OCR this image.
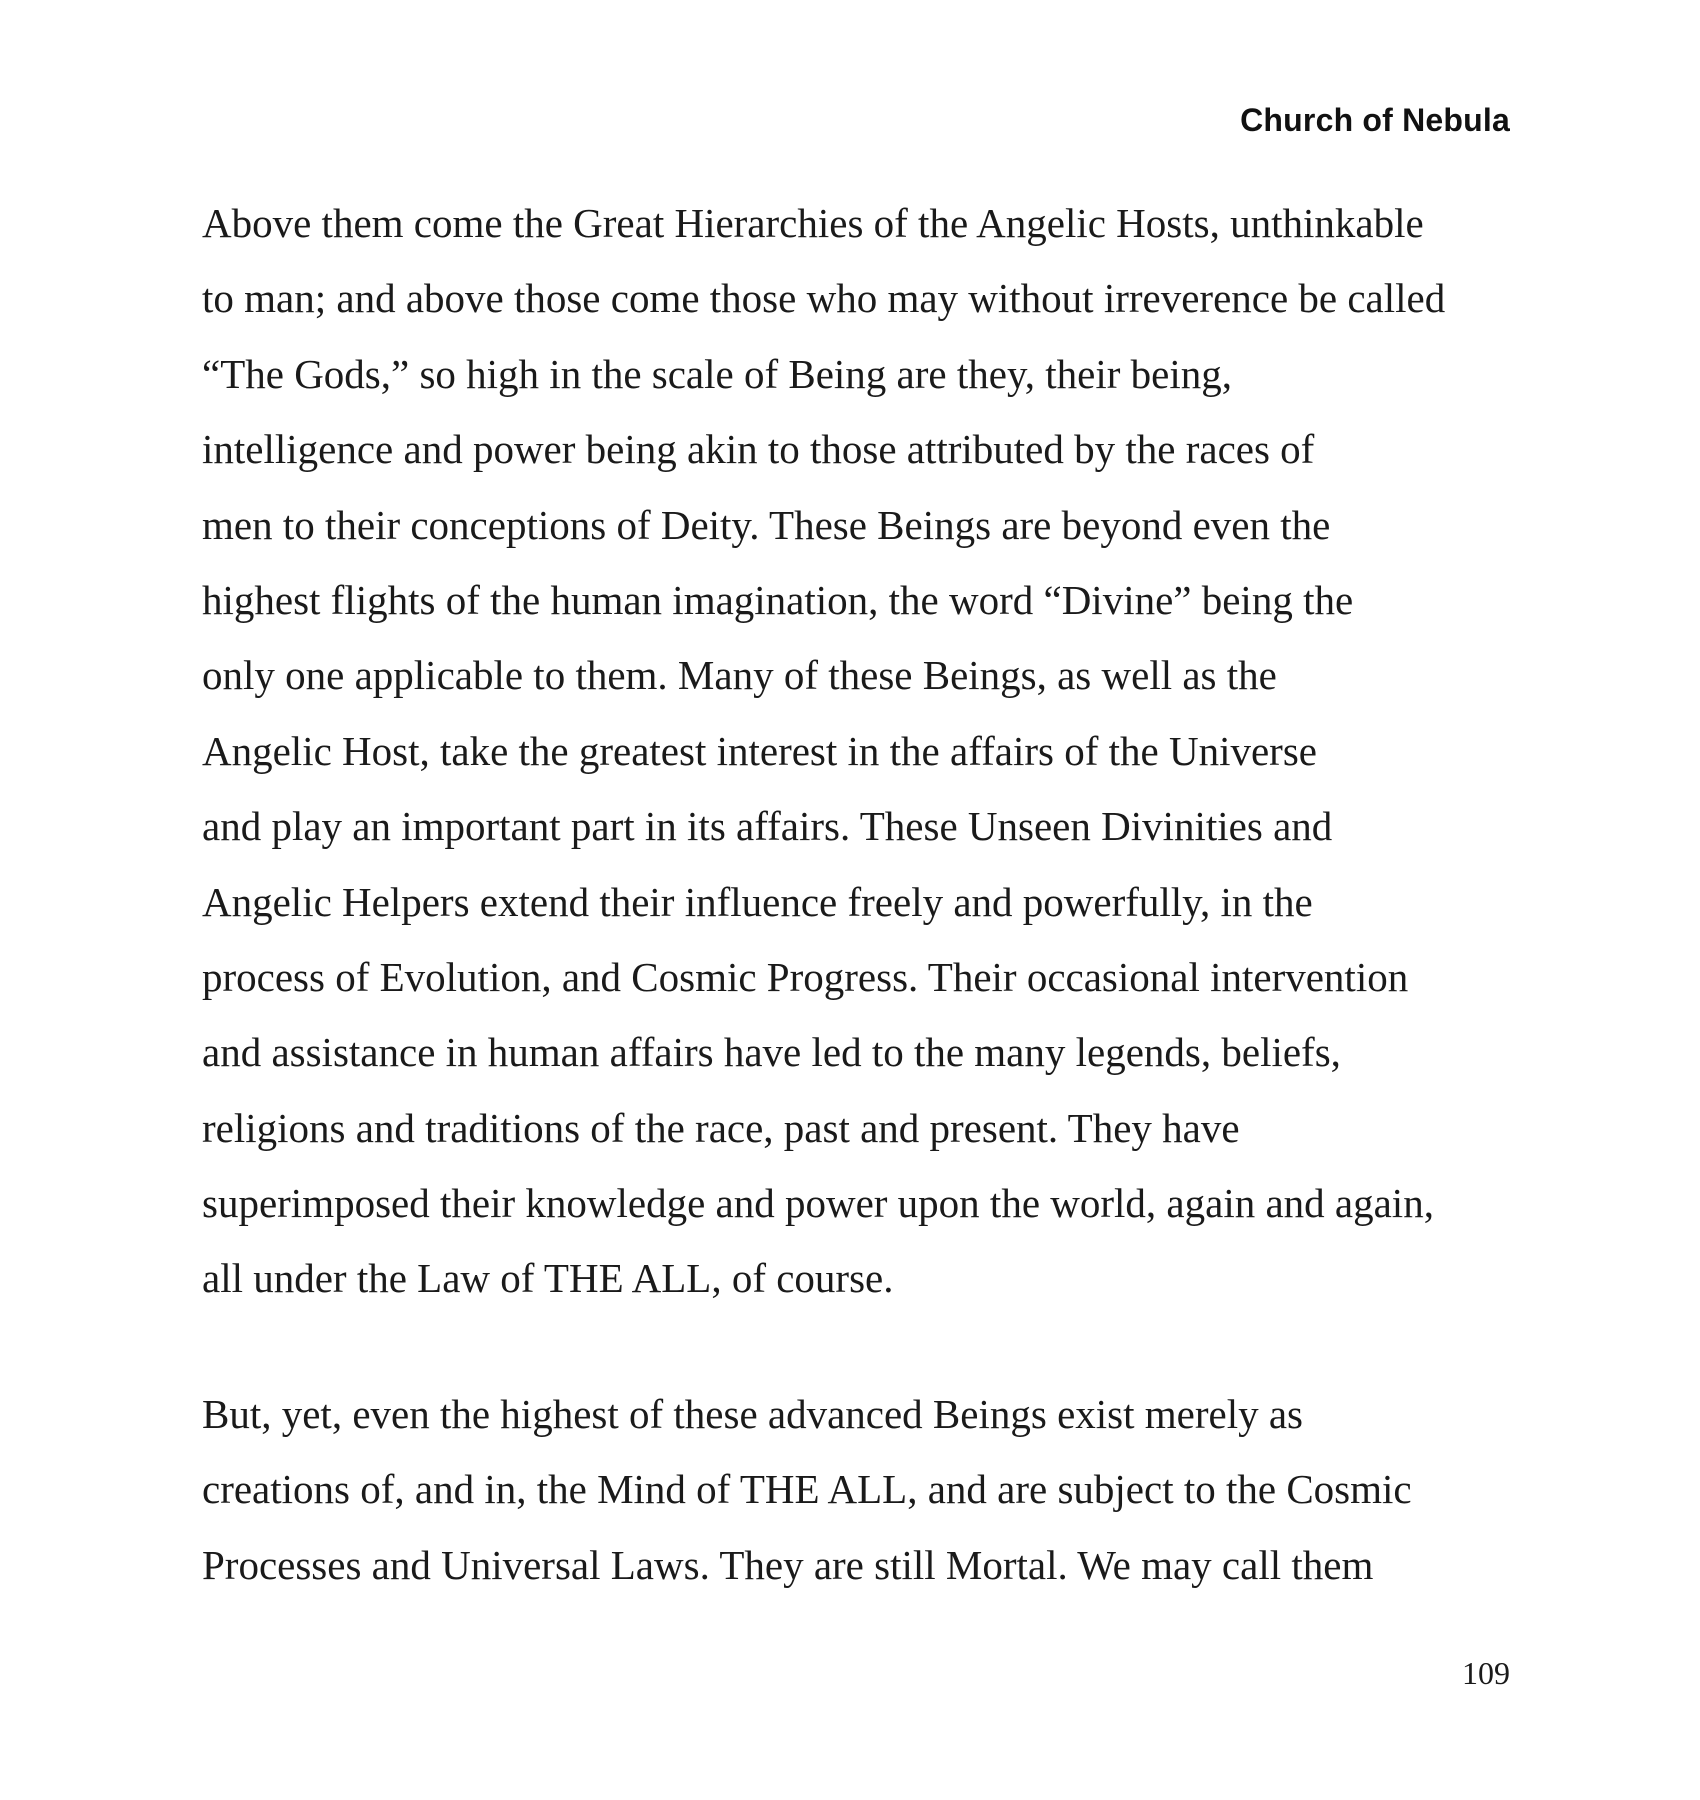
Church of Nebula
Above them come the Great Hierarchies of the Angelic Hosts, unthinkable
to man; and above those come those who may without irreverence be called
“The Gods,” so high in the scale of Being are they, their being,
intelligence and power being akin to those attributed by the races of
men to their conceptions of Deity. These Beings are beyond even the
highest flights of the human imagination, the word “Divine” being the
only one applicable to them. Many of these Beings, as well as the
Angelic Host, take the greatest interest in the affairs of the Universe
and play an important part in its affairs. These Unseen Divinities and
Angelic Helpers extend their influence freely and powerfully, in the
process of Evolution, and Cosmic Progress. Their occasional intervention
and assistance in human affairs have led to the many legends, beliefs,
religions and traditions of the race, past and present. They have
superimposed their knowledge and power upon the world, again and again,
all under the Law of THE ALL, of course.
But, yet, even the highest of these advanced Beings exist merely as
creations of, and in, the Mind of THE ALL, and are subject to the Cosmic
Processes and Universal Laws. They are still Mortal. We may call them
109
